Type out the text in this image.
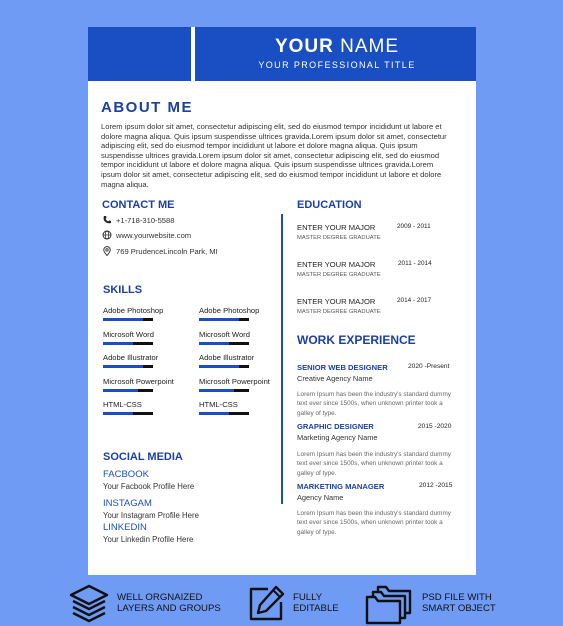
YOUR NAME
YOUR PROFESSIONAL TITLE
ABOUT ME
Lorem ipsum dolor sit amet, consectetur adipiscing elit, sed do eiusmod tempor incididunt ut labore et dolore magna aliqua. Quis ipsum suspendisse ultrices gravida.Lorem ipsum dolor sit amet, consectetur adipiscing elit, sed do eiusmod tempor incididunt ut labore et dolore magna aliqua. Quis ipsum suspendisse ultrices gravida.Lorem ipsum dolor sit amet, consectetur adipiscing elit, sed do eiusmod tempor incididunt ut labore et dolore magna aliqua. Quis ipsum suspendisse ultrices gravida.Lorem ipsum dolor sit amet, consectetur adipiscing elit, sed do eiusmod tempor incididunt ut labore et dolore magna aliqua.
CONTACT ME
+1-718-310-5588
www.yourwebsite.com
769 PrudenceLincoln Park, MI
SKILLS
Adobe Photoshop
Microsoft Word
Adobe Illustrator
Microsoft Powerpoint
HTML-CSS
Adobe Photoshop
Microsoft Word
Adobe Illustrator
Microsoft Powerpoint
HTML-CSS
SOCIAL MEDIA
FACBOOK
Your Facbook Profile Here
INSTAGAM
Your Instagram Profile Here
LINKEDIN
Your Linkedin Profile Here
EDUCATION
ENTER YOUR MAJOR
MASTER DEGREE GRADUATE
2009 - 2011
ENTER YOUR MAJOR
MASTER DEGREE GRADUATE
2011 - 2014
ENTER YOUR MAJOR
MASTER DEGREE GRADUATE
2014 - 2017
WORK EXPERIENCE
SENIOR WEB DESIGNER	2020 -Present
Creative Agency Name
Lorem Ipsum has been the industry's standard dummy text ever since 1500s, when unknown printer took a galley of type.
GRAPHIC DESIGNER	2015 -2020
Marketing Agency Name
Lorem Ipsum has been the industry's standard dummy text ever since 1500s, when unknown printer took a galley of type.
MARKETING MANAGER	2012 -2015
Agency Name
Lorem Ipsum has been the industry's standard dummy text ever since 1500s, when unknown printer took a galley of type.
WELL ORGNAIZED
LAYERS AND GROUPS
FULLY
EDITABLE
PSD FILE WITH
SMART OBJECT
